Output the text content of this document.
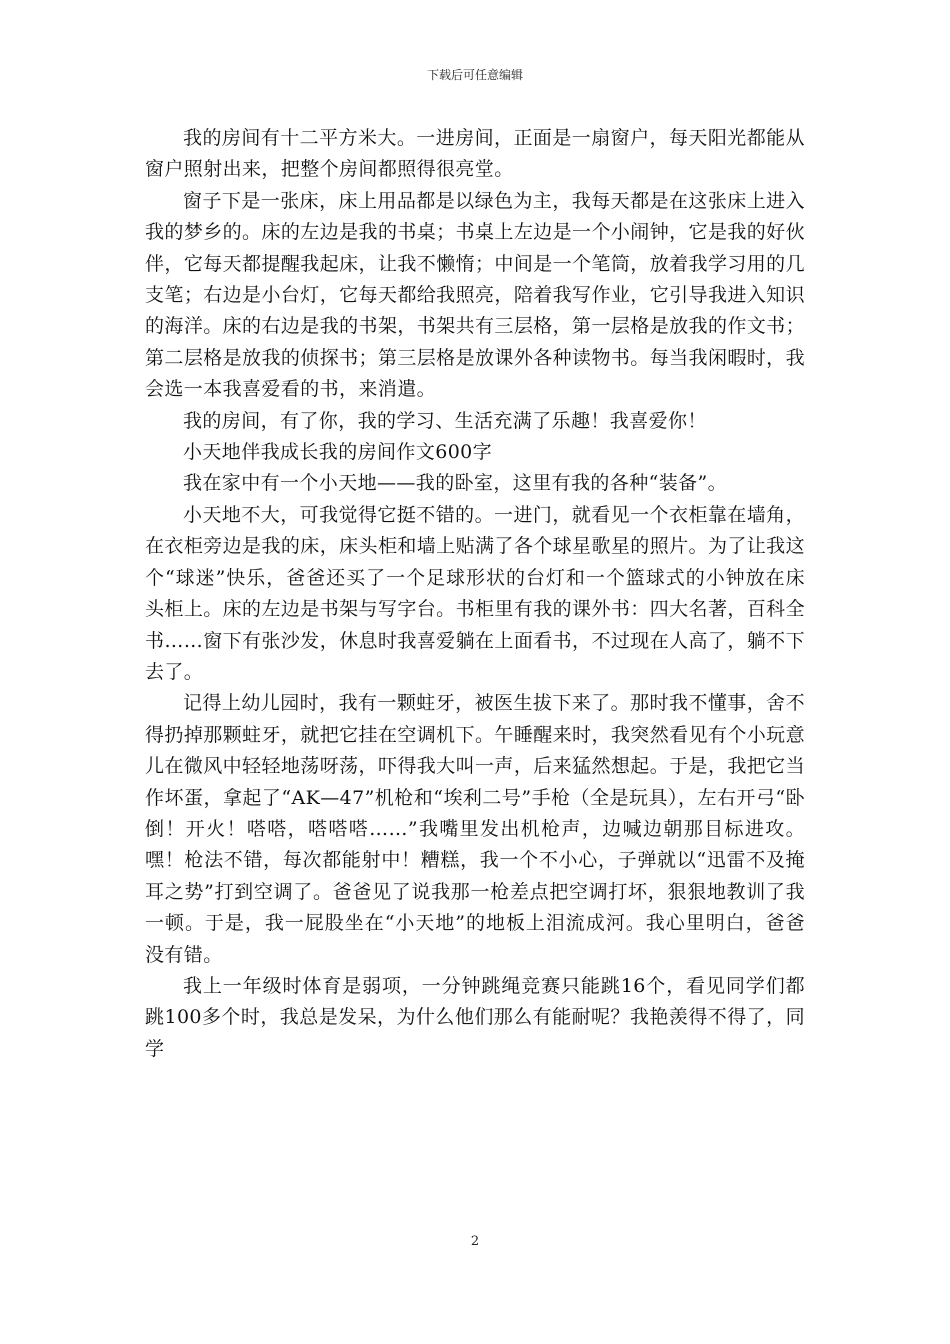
下载后可任意编辑

我的房间有十二平方米大。一进房间，正面是一扇窗户，每天阳光都能从窗户照射出来，把整个房间都照得很亮堂。

窗子下是一张床，床上用品都是以绿色为主，我每天都是在这张床上进入我的梦乡的。床的左边是我的书桌；书桌上左边是一个小闹钟，它是我的好伙伴，它每天都提醒我起床，让我不懒惰；中间是一个笔筒，放着我学习用的几支笔；右边是小台灯，它每天都给我照亮，陪着我写作业，它引导我进入知识的海洋。床的右边是我的书架，书架共有三层格，第一层格是放我的作文书；第二层格是放我的侦探书；第三层格是放课外各种读物书。每当我闲暇时，我会选一本我喜爱看的书，来消遣。

我的房间，有了你，我的学习、生活充满了乐趣！我喜爱你！

小天地伴我成长我的房间作文600字

我在家中有一个小天地——我的卧室，这里有我的各种“装备”。

小天地不大，可我觉得它挺不错的。一进门，就看见一个衣柜靠在墙角，在衣柜旁边是我的床，床头柜和墙上贴满了各个球星歌星的照片。为了让我这个“球迷”快乐，爸爸还买了一个足球形状的台灯和一个篮球式的小钟放在床头柜上。床的左边是书架与写字台。书柜里有我的课外书：四大名著，百科全书……窗下有张沙发，休息时我喜爱躺在上面看书，不过现在人高了，躺不下去了。

记得上幼儿园时，我有一颗蛀牙，被医生拔下来了。那时我不懂事，舍不得扔掉那颗蛀牙，就把它挂在空调机下。午睡醒来时，我突然看见有个小玩意儿在微风中轻轻地荡呀荡，吓得我大叫一声，后来猛然想起。于是，我把它当作坏蛋，拿起了“AK—47”机枪和“埃利二号”手枪（全是玩具），左右开弓“卧倒！开火！嗒嗒，嗒嗒嗒……”我嘴里发出机枪声，边喊边朝那目标进攻。嘿！枪法不错，每次都能射中！糟糕，我一个不小心，子弹就以“迅雷不及掩耳之势”打到空调了。爸爸见了说我那一枪差点把空调打坏，狠狠地教训了我一顿。于是，我一屁股坐在“小天地”的地板上泪流成河。我心里明白，爸爸没有错。

我上一年级时体育是弱项，一分钟跳绳竞赛只能跳16个，看见同学们都跳100多个时，我总是发呆，为什么他们那么有能耐呢？我艳羡得不得了，同学

2
